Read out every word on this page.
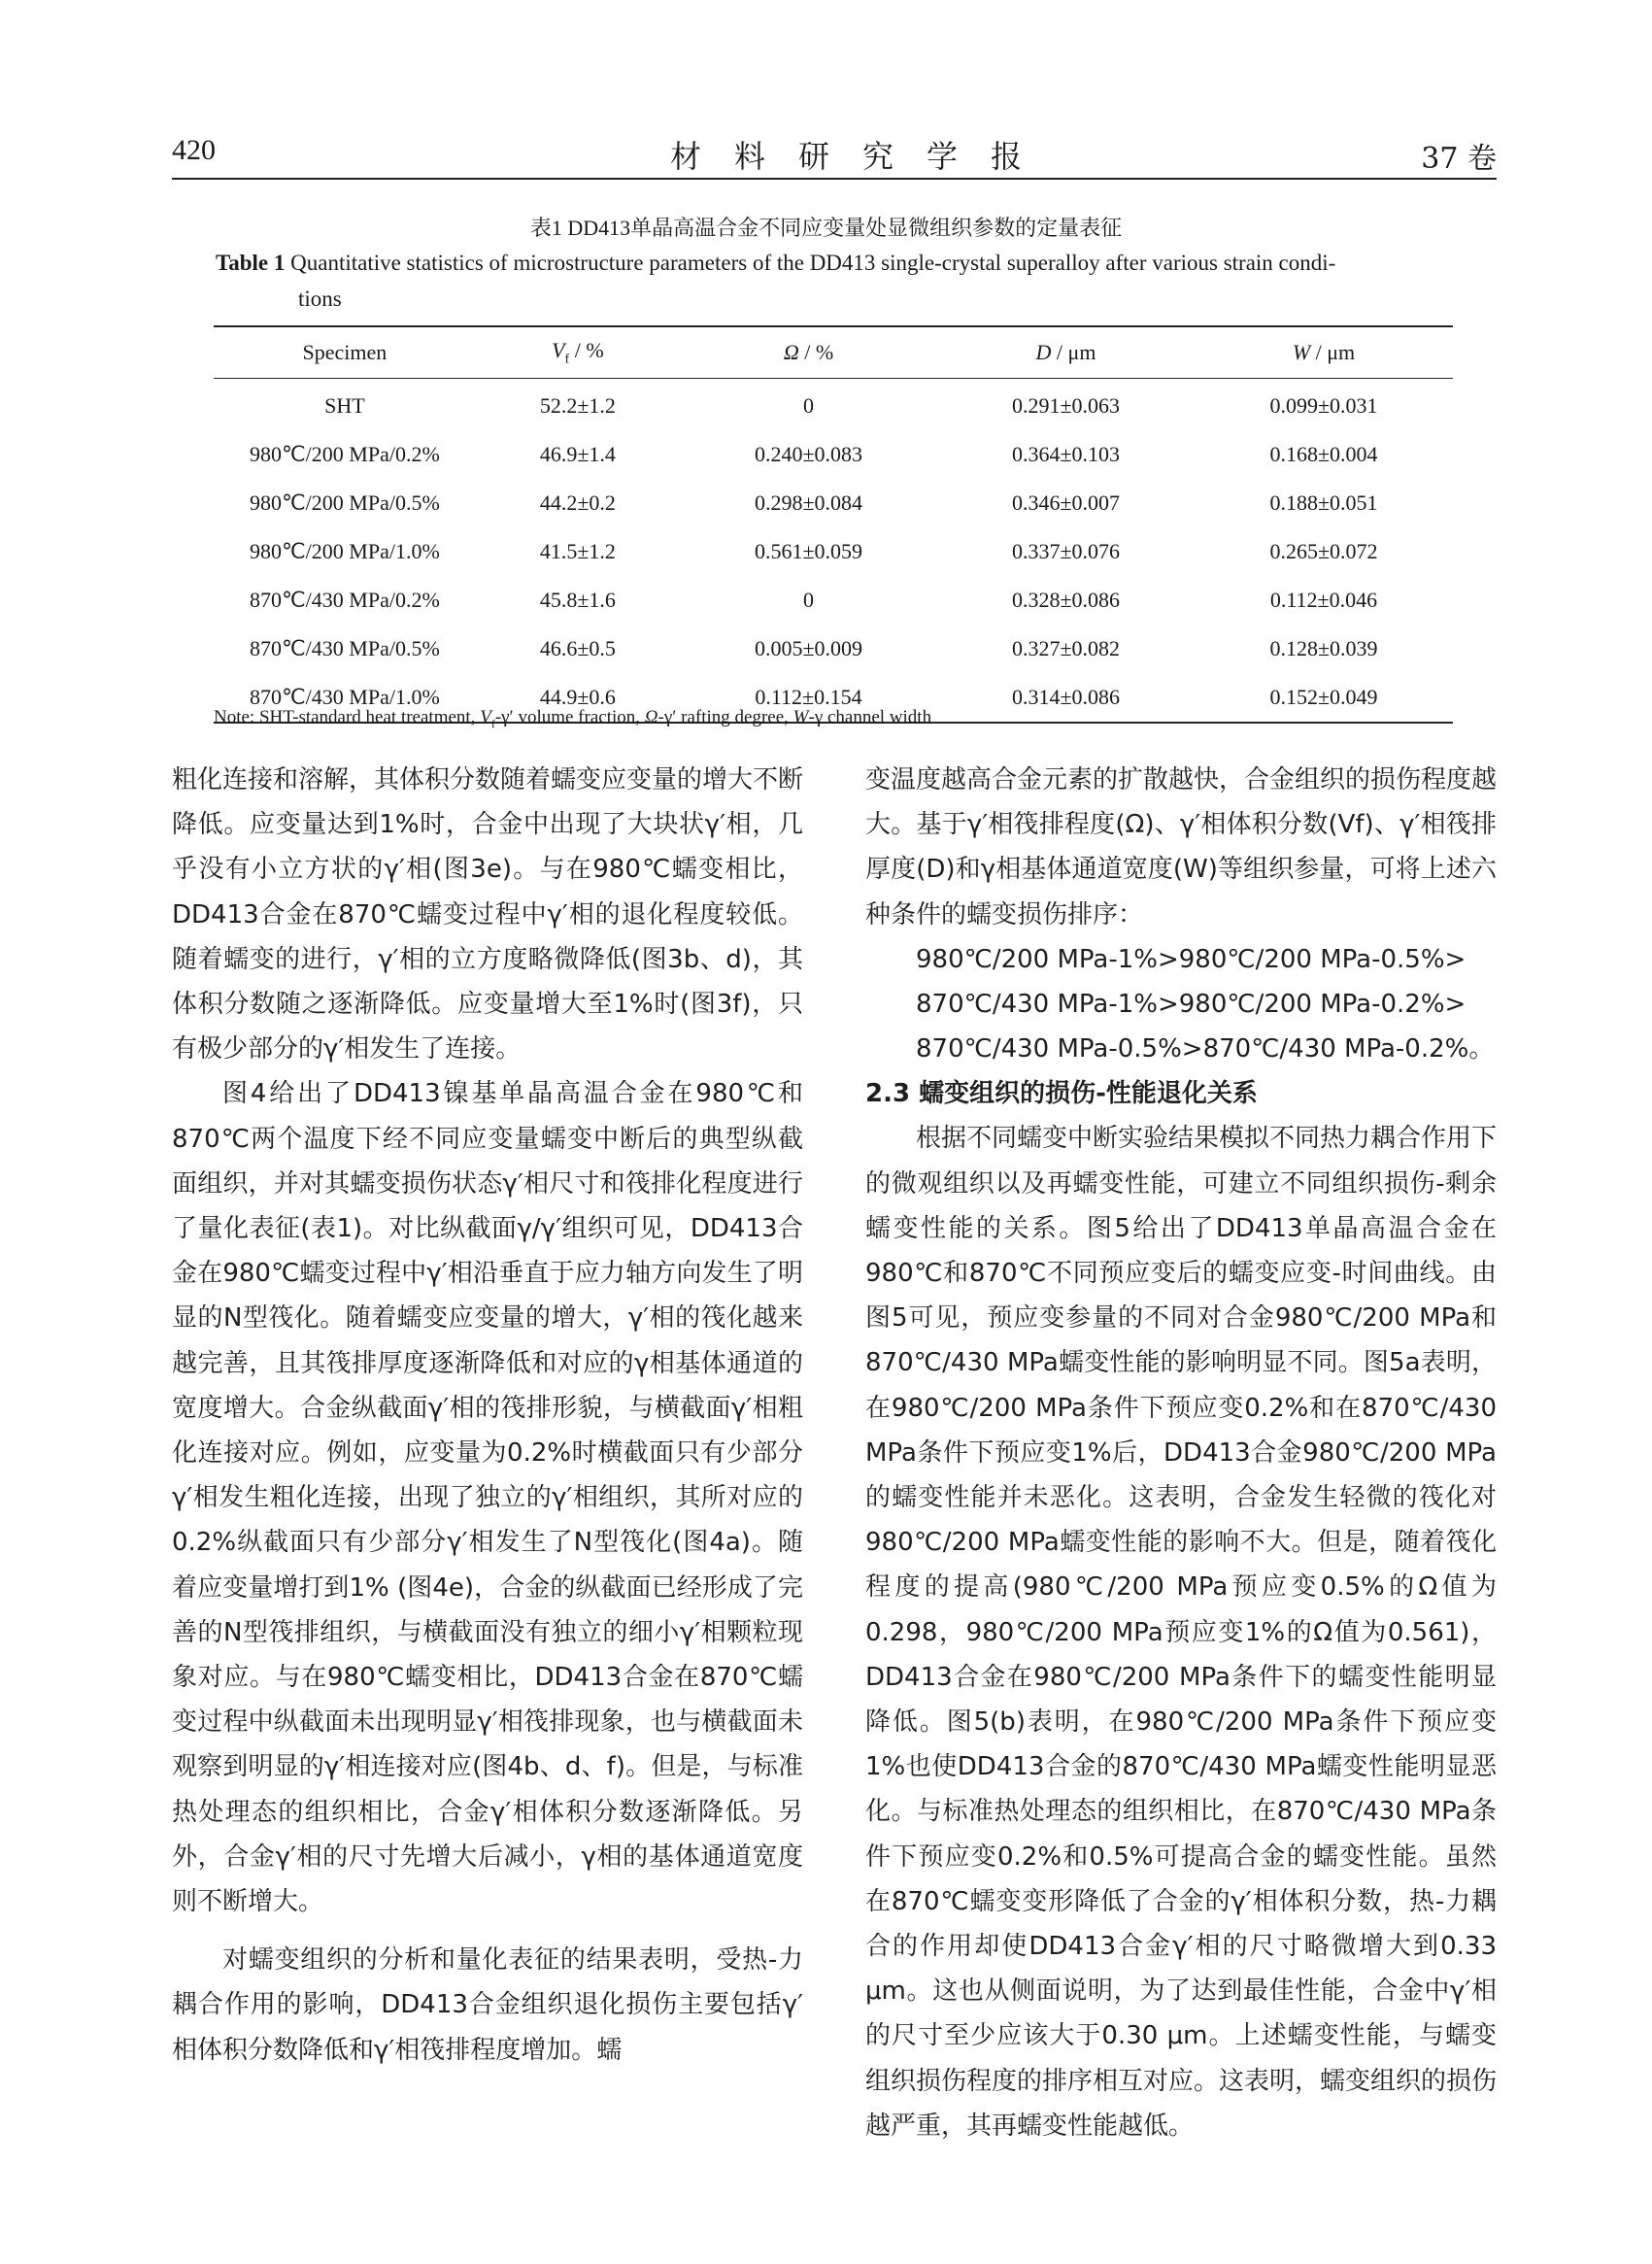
420	材料研究学报	37 卷
表1 DD413单晶高温合金不同应变量处显微组织参数的定量表征
Table 1 Quantitative statistics of microstructure parameters of the DD413 single-crystal superalloy after various strain condi-
tions
Specimen	$V_f$ / %	Ω / %	D / μm	W / μm
SHT	52.2±1.2	0	0.291±0.063	0.099±0.031
980℃/200 MPa/0.2%	46.9±1.4	0.240±0.083	0.364±0.103	0.168±0.004
980℃/200 MPa/0.5%	44.2±0.2	0.298±0.084	0.346±0.007	0.188±0.051
980℃/200 MPa/1.0%	41.5±1.2	0.561±0.059	0.337±0.076	0.265±0.072
870℃/430 MPa/0.2%	45.8±1.6	0	0.328±0.086	0.112±0.046
870℃/430 MPa/0.5%	46.6±0.5	0.005±0.009	0.327±0.082	0.128±0.039
870℃/430 MPa/1.0%	44.9±0.6	0.112±0.154	0.314±0.086	0.152±0.049
Note: SHT-standard heat treatment, $V_f-\gamma'$ volume fraction, Ω-γ′ rafting degree, W-γ channel width

粗化连接和溶解，其体积分数随着蠕变应变量的增大不断降低。应变量达到1%时，合金中出现了大块状γ′相，几乎没有小立方状的γ′相(图3e)。与在980℃蠕变相比，DD413合金在870℃蠕变过程中γ′相的退化程度较低。随着蠕变的进行，γ′相的立方度略微降低(图3b、d)，其体积分数随之逐渐降低。应变量增大至1%时(图3f)，只有极少部分的γ′相发生了连接。

图4给出了DD413镍基单晶高温合金在980℃和870℃两个温度下经不同应变量蠕变中断后的典型纵截面组织，并对其蠕变损伤状态γ′相尺寸和筏排化程度进行了量化表征(表1)。对比纵截面γ/γ′组织可见，DD413合金在980℃蠕变过程中γ′相沿垂直于应力轴方向发生了明显的N型筏化。随着蠕变应变量的增大，γ′相的筏化越来越完善，且其筏排厚度逐渐降低和对应的γ相基体通道的宽度增大。合金纵截面γ′相的筏排形貌，与横截面γ′相粗化连接对应。例如，应变量为0.2%时横截面只有少部分γ′相发生粗化连接，出现了独立的γ′相组织，其所对应的0.2%纵截面只有少部分γ′相发生了N型筏化(图4a)。随着应变量增打到1% (图4e)，合金的纵截面已经形成了完善的N型筏排组织，与横截面没有独立的细小γ′相颗粒现象对应。与在980℃蠕变相比，DD413合金在870℃蠕变过程中纵截面未出现明显γ′相筏排现象，也与横截面未观察到明显的γ′相连接对应(图4b、d、f)。但是，与标准热处理态的组织相比，合金γ′相体积分数逐渐降低。另外，合金γ′相的尺寸先增大后减小，γ相的基体通道宽度则不断增大。

对蠕变组织的分析和量化表征的结果表明，受热-力耦合作用的影响，DD413合金组织退化损伤主要包括γ′相体积分数降低和γ′相筏排程度增加。蠕

变温度越高合金元素的扩散越快，合金组织的损伤程度越大。基于γ′相筏排程度(Ω)、γ′相体积分数(Vf)、γ′相筏排厚度(D)和γ相基体通道宽度(W)等组织参量，可将上述六种条件的蠕变损伤排序：

980℃/200 MPa-1%>980℃/200 MPa-0.5%>

870℃/430 MPa-1%>980℃/200 MPa-0.2%>

870℃/430 MPa-0.5%>870℃/430 MPa-0.2%。

2.3 蠕变组织的损伤-性能退化关系

根据不同蠕变中断实验结果模拟不同热力耦合作用下的微观组织以及再蠕变性能，可建立不同组织损伤-剩余蠕变性能的关系。图5给出了DD413单晶高温合金在980℃和870℃不同预应变后的蠕变应变-时间曲线。由图5可见，预应变参量的不同对合金980℃/200 MPa和870℃/430 MPa蠕变性能的影响明显不同。图5a表明，在980℃/200 MPa条件下预应变0.2%和在870℃/430 MPa条件下预应变1%后，DD413合金980℃/200 MPa的蠕变性能并未恶化。这表明，合金发生轻微的筏化对980℃/200 MPa蠕变性能的影响不大。但是，随着筏化程度的提高(980℃/200 MPa预应变0.5%的Ω值为0.298，980℃/200 MPa预应变1%的Ω值为0.561)，DD413合金在980℃/200 MPa条件下的蠕变性能明显降低。图5(b)表明，在980℃/200 MPa条件下预应变1%也使DD413合金的870℃/430 MPa蠕变性能明显恶化。与标准热处理态的组织相比，在870℃/430 MPa条件下预应变0.2%和0.5%可提高合金的蠕变性能。虽然在870℃蠕变变形降低了合金的γ′相体积分数，热-力耦合的作用却使DD413合金γ′相的尺寸略微增大到0.33 μm。这也从侧面说明，为了达到最佳性能，合金中γ′相的尺寸至少应该大于0.30 μm。上述蠕变性能，与蠕变组织损伤程度的排序相互对应。这表明，蠕变组织的损伤越严重，其再蠕变性能越低。
